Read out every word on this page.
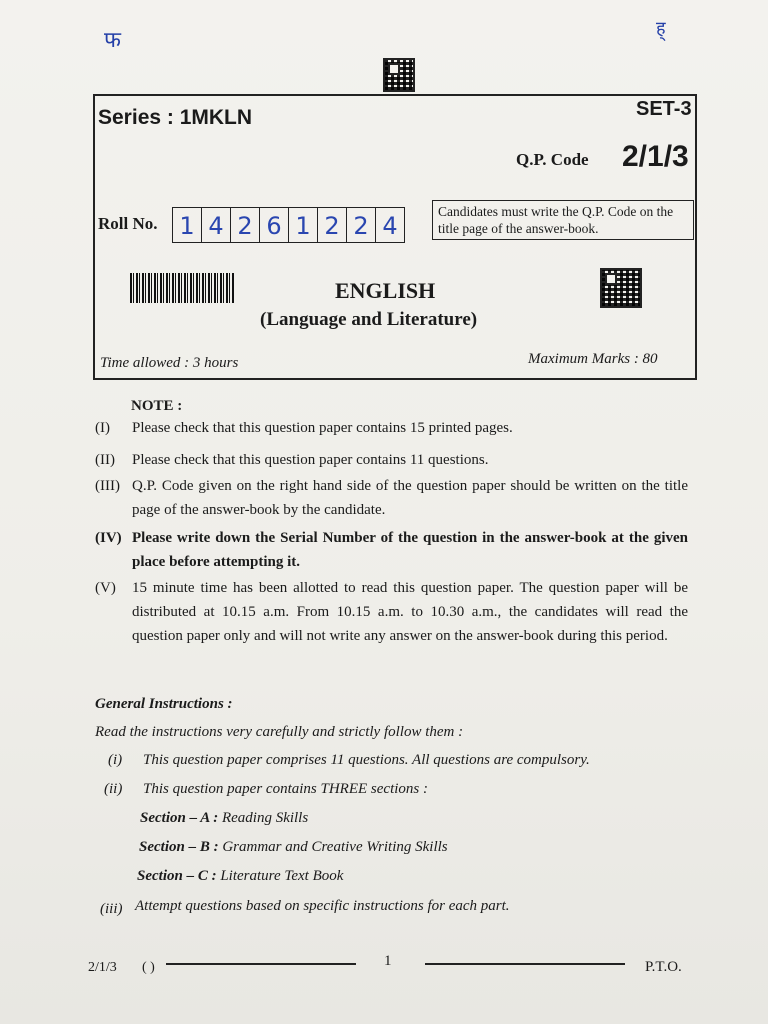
फ	ह्
Series : 1MKLN	SET-3
Q.P. Code 2/1/3
Roll No. 1 4 2 6 1 2 2 4
Candidates must write the Q.P. Code on the title page of the answer-book.
ENGLISH
(Language and Literature)
Time allowed : 3 hours	Maximum Marks : 80
NOTE :
(I) Please check that this question paper contains 15 printed pages.
(II) Please check that this question paper contains 11 questions.
(III) Q.P. Code given on the right hand side of the question paper should be written on the title page of the answer-book by the candidate.
(IV) Please write down the Serial Number of the question in the answer-book at the given place before attempting it.
(V) 15 minute time has been allotted to read this question paper. The question paper will be distributed at 10.15 a.m. From 10.15 a.m. to 10.30 a.m., the candidates will read the question paper only and will not write any answer on the answer-book during this period.
General Instructions :
Read the instructions very carefully and strictly follow them :
(i) This question paper comprises 11 questions. All questions are compulsory.
(ii) This question paper contains THREE sections :
Section – A : Reading Skills
Section – B : Grammar and Creative Writing Skills
Section – C : Literature Text Book
(iii) Attempt questions based on specific instructions for each part.
2/1/3 ( )	1	P.T.O.
